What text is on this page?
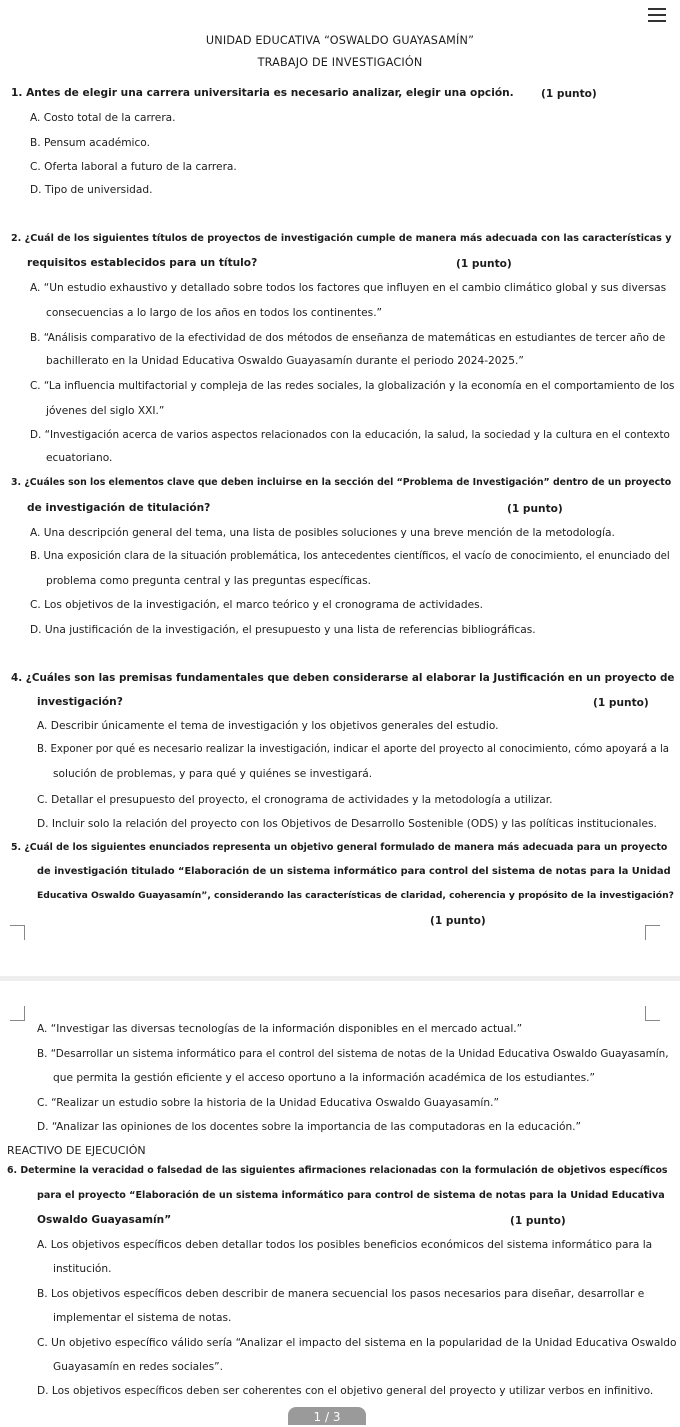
UNIDAD EDUCATIVA “OSWALDO GUAYASAMÍN”
TRABAJO DE INVESTIGACIÓN
1. Antes de elegir una carrera universitaria es necesario analizar, elegir una opción.	(1 punto)
A. Costo total de la carrera.
B. Pensum académico.
C. Oferta laboral a futuro de la carrera.
D. Tipo de universidad.
2. ¿Cuál de los siguientes títulos de proyectos de investigación cumple de manera más adecuada con las características y
requisitos establecidos para un título?	(1 punto)
A. “Un estudio exhaustivo y detallado sobre todos los factores que influyen en el cambio climático global y sus diversas
consecuencias a lo largo de los años en todos los continentes.”
B. “Análisis comparativo de la efectividad de dos métodos de enseñanza de matemáticas en estudiantes de tercer año de
bachillerato en la Unidad Educativa Oswaldo Guayasamín durante el periodo 2024-2025.”
C. “La influencia multifactorial y compleja de las redes sociales, la globalización y la economía en el comportamiento de los
jóvenes del siglo XXI.”
D. “Investigación acerca de varios aspectos relacionados con la educación, la salud, la sociedad y la cultura en el contexto
ecuatoriano.
3. ¿Cuáles son los elementos clave que deben incluirse en la sección del “Problema de Investigación” dentro de un proyecto
de investigación de titulación?	(1 punto)
A. Una descripción general del tema, una lista de posibles soluciones y una breve mención de la metodología.
B. Una exposición clara de la situación problemática, los antecedentes científicos, el vacío de conocimiento, el enunciado del
problema como pregunta central y las preguntas específicas.
C. Los objetivos de la investigación, el marco teórico y el cronograma de actividades.
D. Una justificación de la investigación, el presupuesto y una lista de referencias bibliográficas.
4. ¿Cuáles son las premisas fundamentales que deben considerarse al elaborar la Justificación en un proyecto de
investigación?	(1 punto)
A. Describir únicamente el tema de investigación y los objetivos generales del estudio.
B. Exponer por qué es necesario realizar la investigación, indicar el aporte del proyecto al conocimiento, cómo apoyará a la
solución de problemas, y para qué y quiénes se investigará.
C. Detallar el presupuesto del proyecto, el cronograma de actividades y la metodología a utilizar.
D. Incluir solo la relación del proyecto con los Objetivos de Desarrollo Sostenible (ODS) y las políticas institucionales.
5. ¿Cuál de los siguientes enunciados representa un objetivo general formulado de manera más adecuada para un proyecto
de investigación titulado “Elaboración de un sistema informático para control del sistema de notas para la Unidad
Educativa Oswaldo Guayasamín”, considerando las características de claridad, coherencia y propósito de la investigación?
(1 punto)
A. “Investigar las diversas tecnologías de la información disponibles en el mercado actual.”
B. “Desarrollar un sistema informático para el control del sistema de notas de la Unidad Educativa Oswaldo Guayasamín,
que permita la gestión eficiente y el acceso oportuno a la información académica de los estudiantes.”
C. “Realizar un estudio sobre la historia de la Unidad Educativa Oswaldo Guayasamín.”
D. “Analizar las opiniones de los docentes sobre la importancia de las computadoras en la educación.”
REACTIVO DE EJECUCIÓN
6. Determine la veracidad o falsedad de las siguientes afirmaciones relacionadas con la formulación de objetivos específicos
para el proyecto “Elaboración de un sistema informático para control de sistema de notas para la Unidad Educativa
Oswaldo Guayasamín”	(1 punto)
A. Los objetivos específicos deben detallar todos los posibles beneficios económicos del sistema informático para la
institución.
B. Los objetivos específicos deben describir de manera secuencial los pasos necesarios para diseñar, desarrollar e
implementar el sistema de notas.
C. Un objetivo específico válido sería “Analizar el impacto del sistema en la popularidad de la Unidad Educativa Oswaldo
Guayasamín en redes sociales”.
D. Los objetivos específicos deben ser coherentes con el objetivo general del proyecto y utilizar verbos en infinitivo.
1 / 3
